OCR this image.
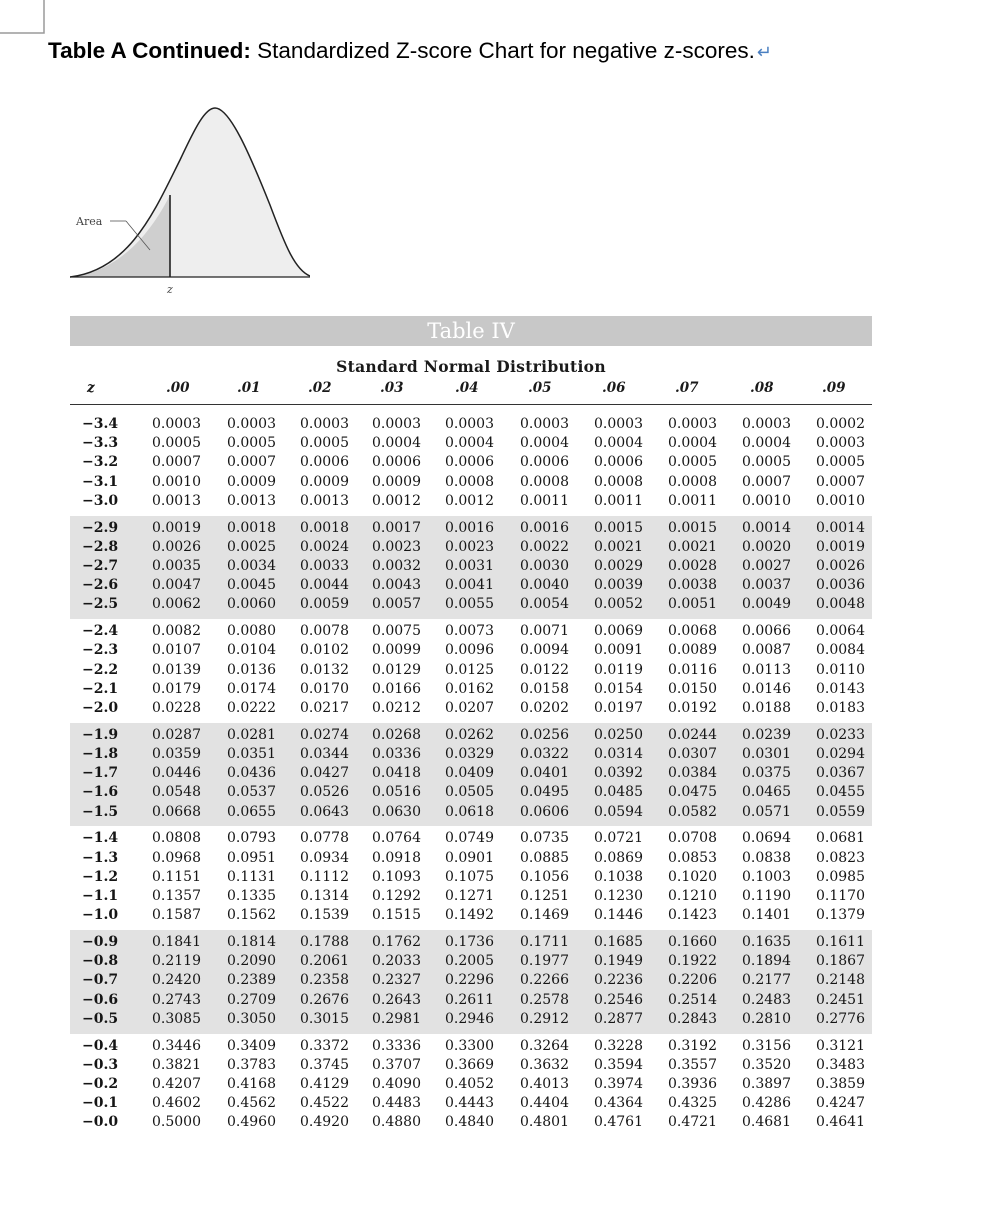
Table A Continued: Standardized Z-score Chart for negative z-scores. ↵
Area
z
Table IV
Standard Normal Distribution
z	.00	.01	.02	.03	.04	.05	.06	.07	.08	.09
−3.4 0.0003 0.0003 0.0003 0.0003 0.0003 0.0003 0.0003 0.0003 0.0003 0.0002
−3.3 0.0005 0.0005 0.0005 0.0004 0.0004 0.0004 0.0004 0.0004 0.0004 0.0003
−3.2 0.0007 0.0007 0.0006 0.0006 0.0006 0.0006 0.0006 0.0005 0.0005 0.0005
−3.1 0.0010 0.0009 0.0009 0.0009 0.0008 0.0008 0.0008 0.0008 0.0007 0.0007
−3.0 0.0013 0.0013 0.0013 0.0012 0.0012 0.0011 0.0011 0.0011 0.0010 0.0010
−2.9 0.0019 0.0018 0.0018 0.0017 0.0016 0.0016 0.0015 0.0015 0.0014 0.0014
−2.8 0.0026 0.0025 0.0024 0.0023 0.0023 0.0022 0.0021 0.0021 0.0020 0.0019
−2.7 0.0035 0.0034 0.0033 0.0032 0.0031 0.0030 0.0029 0.0028 0.0027 0.0026
−2.6 0.0047 0.0045 0.0044 0.0043 0.0041 0.0040 0.0039 0.0038 0.0037 0.0036
−2.5 0.0062 0.0060 0.0059 0.0057 0.0055 0.0054 0.0052 0.0051 0.0049 0.0048
−2.4 0.0082 0.0080 0.0078 0.0075 0.0073 0.0071 0.0069 0.0068 0.0066 0.0064
−2.3 0.0107 0.0104 0.0102 0.0099 0.0096 0.0094 0.0091 0.0089 0.0087 0.0084
−2.2 0.0139 0.0136 0.0132 0.0129 0.0125 0.0122 0.0119 0.0116 0.0113 0.0110
−2.1 0.0179 0.0174 0.0170 0.0166 0.0162 0.0158 0.0154 0.0150 0.0146 0.0143
−2.0 0.0228 0.0222 0.0217 0.0212 0.0207 0.0202 0.0197 0.0192 0.0188 0.0183
−1.9 0.0287 0.0281 0.0274 0.0268 0.0262 0.0256 0.0250 0.0244 0.0239 0.0233
−1.8 0.0359 0.0351 0.0344 0.0336 0.0329 0.0322 0.0314 0.0307 0.0301 0.0294
−1.7 0.0446 0.0436 0.0427 0.0418 0.0409 0.0401 0.0392 0.0384 0.0375 0.0367
−1.6 0.0548 0.0537 0.0526 0.0516 0.0505 0.0495 0.0485 0.0475 0.0465 0.0455
−1.5 0.0668 0.0655 0.0643 0.0630 0.0618 0.0606 0.0594 0.0582 0.0571 0.0559
−1.4 0.0808 0.0793 0.0778 0.0764 0.0749 0.0735 0.0721 0.0708 0.0694 0.0681
−1.3 0.0968 0.0951 0.0934 0.0918 0.0901 0.0885 0.0869 0.0853 0.0838 0.0823
−1.2 0.1151 0.1131 0.1112 0.1093 0.1075 0.1056 0.1038 0.1020 0.1003 0.0985
−1.1 0.1357 0.1335 0.1314 0.1292 0.1271 0.1251 0.1230 0.1210 0.1190 0.1170
−1.0 0.1587 0.1562 0.1539 0.1515 0.1492 0.1469 0.1446 0.1423 0.1401 0.1379
−0.9 0.1841 0.1814 0.1788 0.1762 0.1736 0.1711 0.1685 0.1660 0.1635 0.1611
−0.8 0.2119 0.2090 0.2061 0.2033 0.2005 0.1977 0.1949 0.1922 0.1894 0.1867
−0.7 0.2420 0.2389 0.2358 0.2327 0.2296 0.2266 0.2236 0.2206 0.2177 0.2148
−0.6 0.2743 0.2709 0.2676 0.2643 0.2611 0.2578 0.2546 0.2514 0.2483 0.2451
−0.5 0.3085 0.3050 0.3015 0.2981 0.2946 0.2912 0.2877 0.2843 0.2810 0.2776
−0.4 0.3446 0.3409 0.3372 0.3336 0.3300 0.3264 0.3228 0.3192 0.3156 0.3121
−0.3 0.3821 0.3783 0.3745 0.3707 0.3669 0.3632 0.3594 0.3557 0.3520 0.3483
−0.2 0.4207 0.4168 0.4129 0.4090 0.4052 0.4013 0.3974 0.3936 0.3897 0.3859
−0.1 0.4602 0.4562 0.4522 0.4483 0.4443 0.4404 0.4364 0.4325 0.4286 0.4247
−0.0 0.5000 0.4960 0.4920 0.4880 0.4840 0.4801 0.4761 0.4721 0.4681 0.4641
